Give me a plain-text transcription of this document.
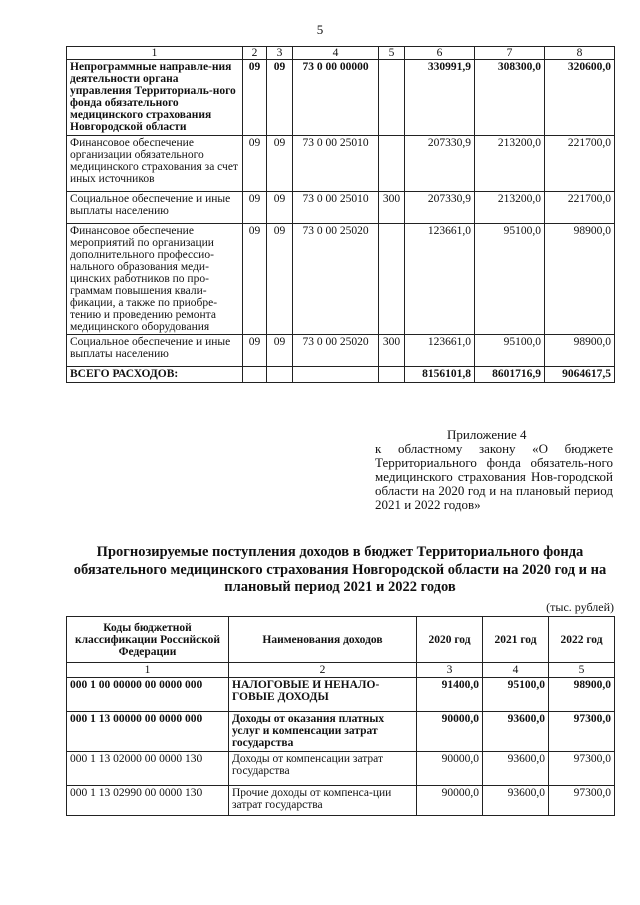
5
1	2	3	4	5	6	7	8
Непрограммные направле-ния деятельности органа управления Территориаль-ного фонда обязательного медицинского страхования Новгородской области	09	09	73 0 00 00000		330991,9	308300,0	320600,0
Финансовое обеспечение организации обязательного медицинского страхования за счет иных источников	09	09	73 0 00 25010		207330,9	213200,0	221700,0
Социальное обеспечение и иные выплаты населению	09	09	73 0 00 25010	300	207330,9	213200,0	221700,0
Финансовое обеспечение мероприятий по организации дополнительного профессио-нального образования меди-цинских работников по про-граммам повышения квали-фикации, а также по приобре-тению и проведению ремонта медицинского оборудования	09	09	73 0 00 25020		123661,0	95100,0	98900,0
Социальное обеспечение и иные выплаты населению	09	09	73 0 00 25020	300	123661,0	95100,0	98900,0
ВСЕГО РАСХОДОВ:					8156101,8	8601716,9	9064617,5
Приложение 4
к областному закону «О бюджете Территориального фонда обязатель-ного медицинского страхования Нов-городской области на 2020 год и на плановый период 2021 и 2022 годов»
Прогнозируемые поступления доходов в бюджет Территориального фонда обязательного медицинского страхования Новгородской области на 2020 год и на плановый период 2021 и 2022 годов
(тыс. рублей)
Коды бюджетной классификации Российской Федерации	Наименования доходов	2020 год	2021 год	2022 год
1	2	3	4	5
000 1 00 00000 00 0000 000	НАЛОГОВЫЕ И НЕНАЛО-ГОВЫЕ ДОХОДЫ	91400,0	95100,0	98900,0
000 1 13 00000 00 0000 000	Доходы от оказания платных услуг и компенсации затрат государства	90000,0	93600,0	97300,0
000 1 13 02000 00 0000 130	Доходы от компенсации затрат государства	90000,0	93600,0	97300,0
000 1 13 02990 00 0000 130	Прочие доходы от компенса-ции затрат государства	90000,0	93600,0	97300,0
